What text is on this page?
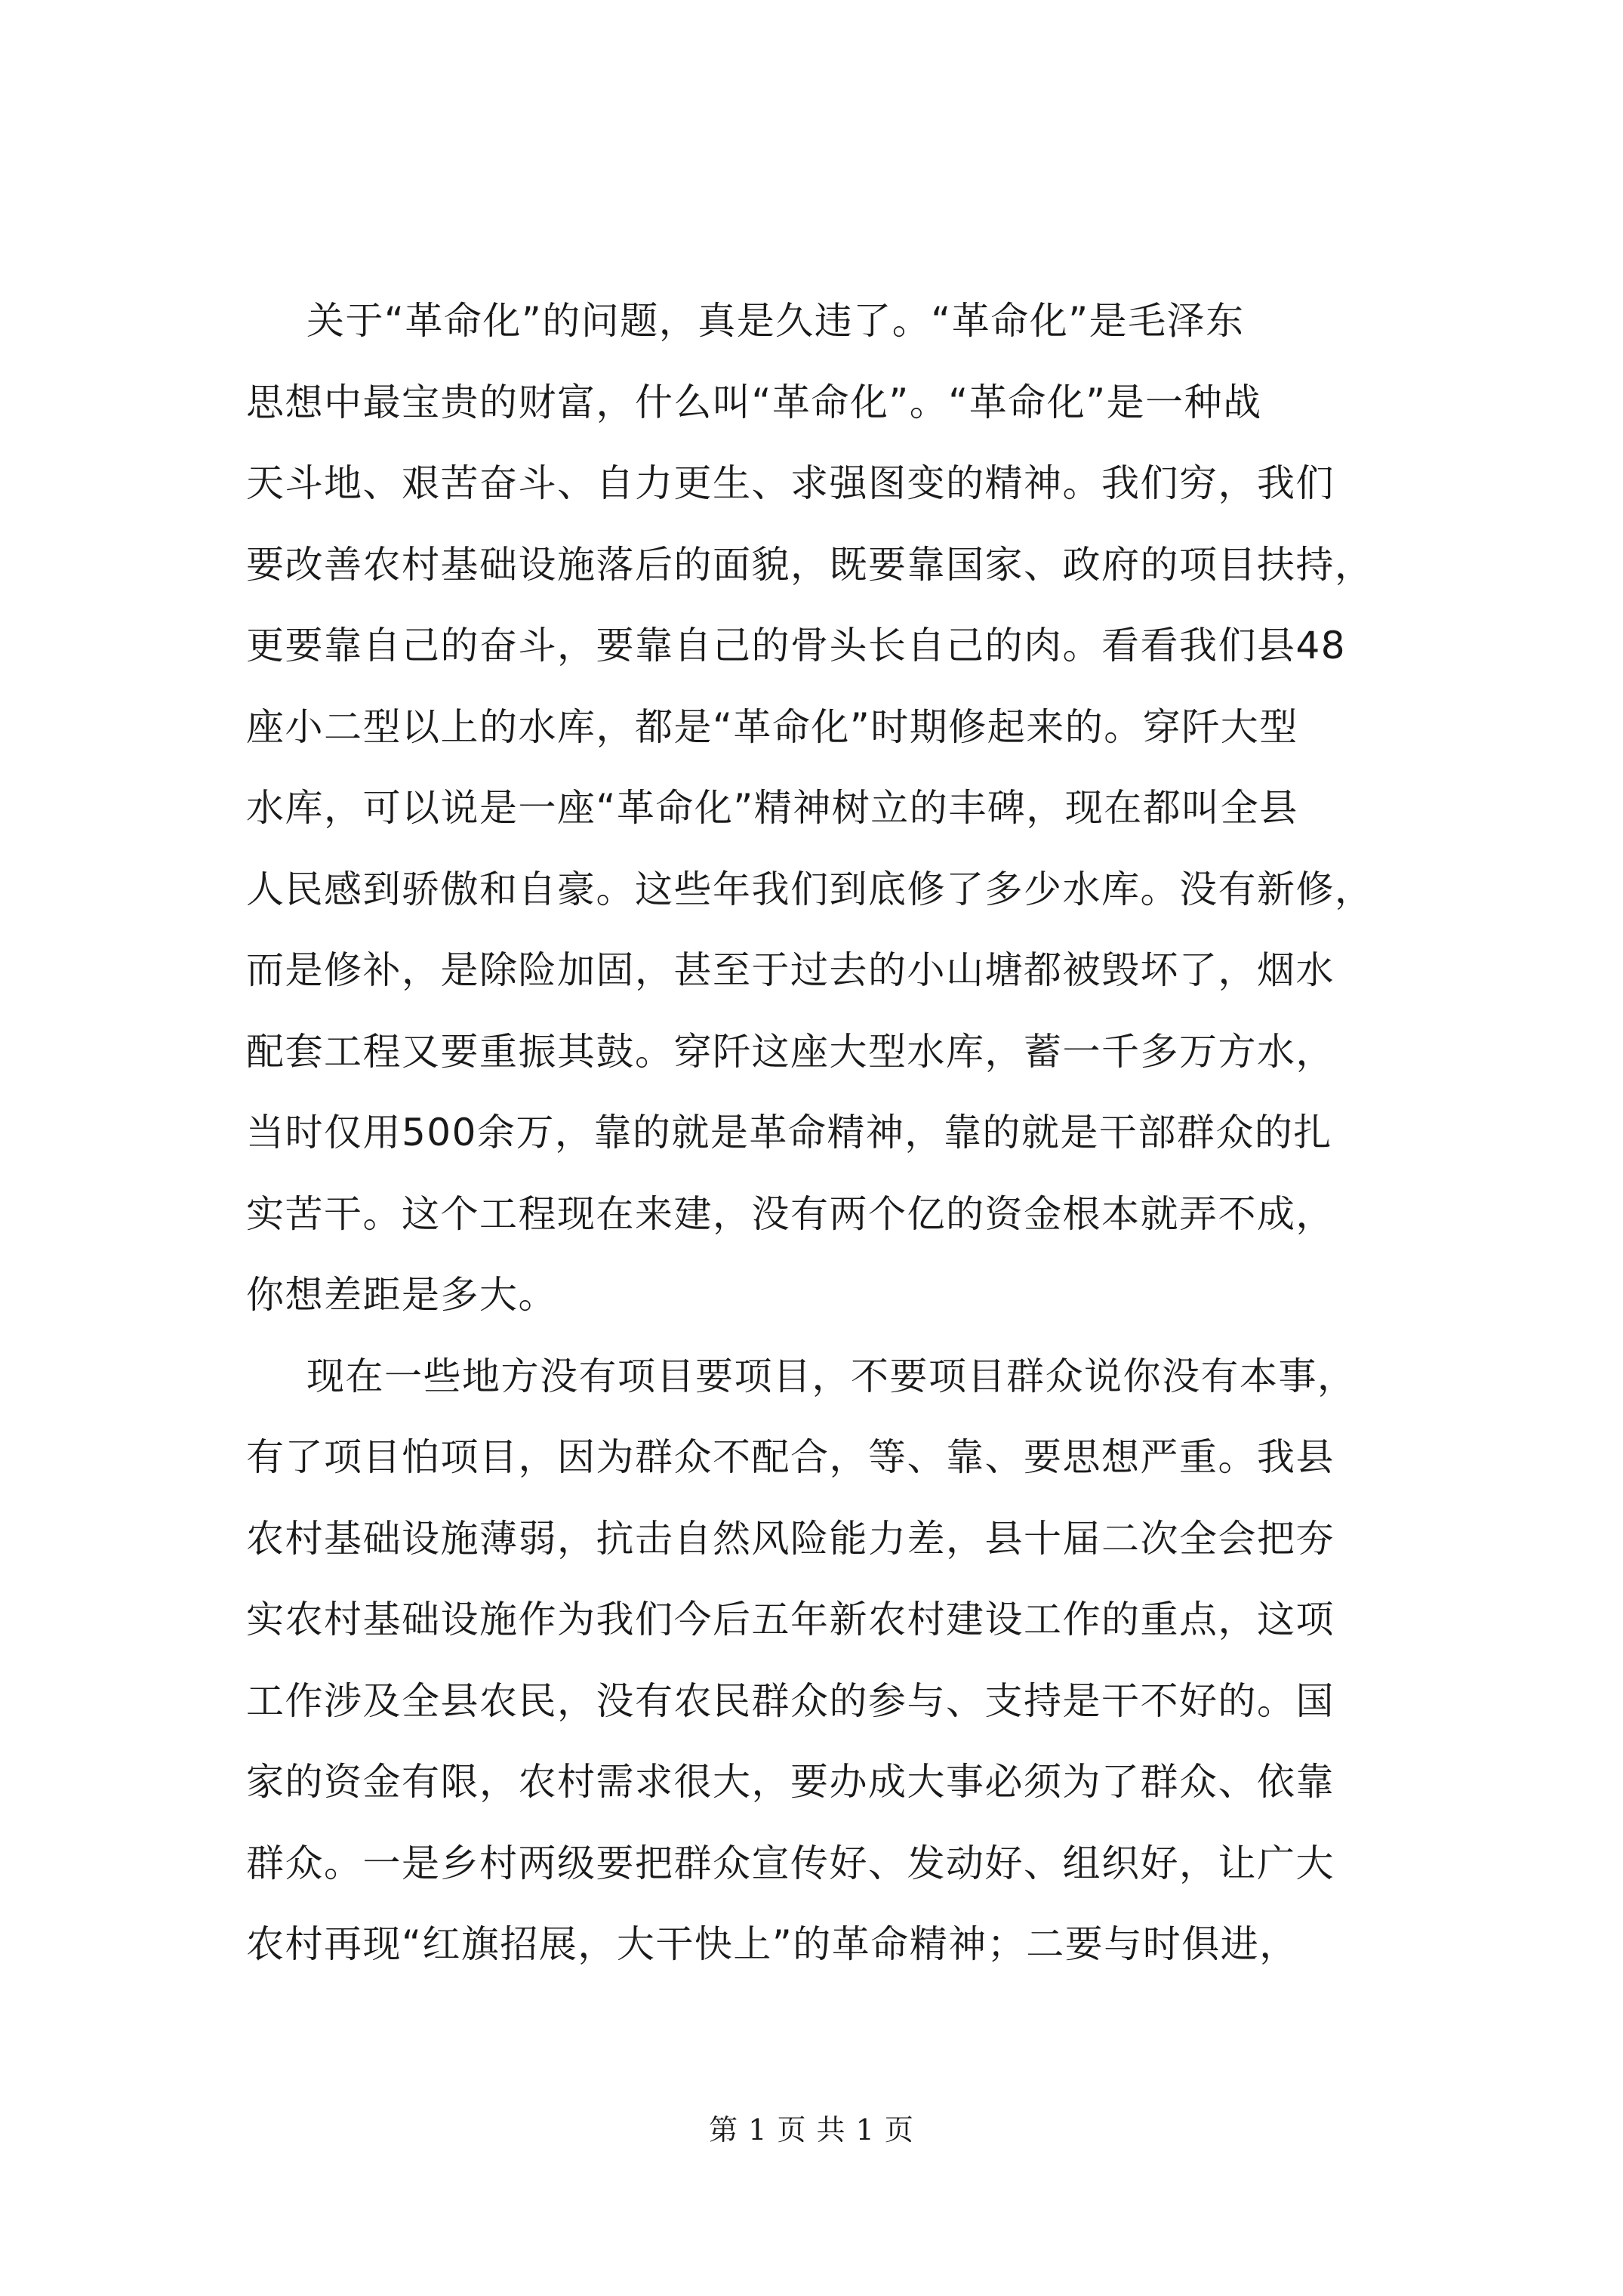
关于“革命化”的问题，真是久违了。“革命化”是毛泽东
思想中最宝贵的财富，什么叫“革命化”。“革命化”是一种战
天斗地、艰苦奋斗、自力更生、求强图变的精神。我们穷，我们
要改善农村基础设施落后的面貌，既要靠国家、政府的项目扶持，
更要靠自己的奋斗，要靠自己的骨头长自己的肉。看看我们县48
座小二型以上的水库，都是“革命化”时期修起来的。穿阡大型
水库，可以说是一座“革命化”精神树立的丰碑，现在都叫全县
人民感到骄傲和自豪。这些年我们到底修了多少水库。没有新修，
而是修补，是除险加固，甚至于过去的小山塘都被毁坏了，烟水
配套工程又要重振其鼓。穿阡这座大型水库，蓄一千多万方水，
当时仅用500余万，靠的就是革命精神，靠的就是干部群众的扎
实苦干。这个工程现在来建，没有两个亿的资金根本就弄不成，
你想差距是多大。
现在一些地方没有项目要项目，不要项目群众说你没有本事，
有了项目怕项目，因为群众不配合，等、靠、要思想严重。我县
农村基础设施薄弱，抗击自然风险能力差，县十届二次全会把夯
实农村基础设施作为我们今后五年新农村建设工作的重点，这项
工作涉及全县农民，没有农民群众的参与、支持是干不好的。国
家的资金有限，农村需求很大，要办成大事必须为了群众、依靠
群众。一是乡村两级要把群众宣传好、发动好、组织好，让广大
农村再现“红旗招展，大干快上”的革命精神；二要与时俱进，
第 1 页 共 1 页
